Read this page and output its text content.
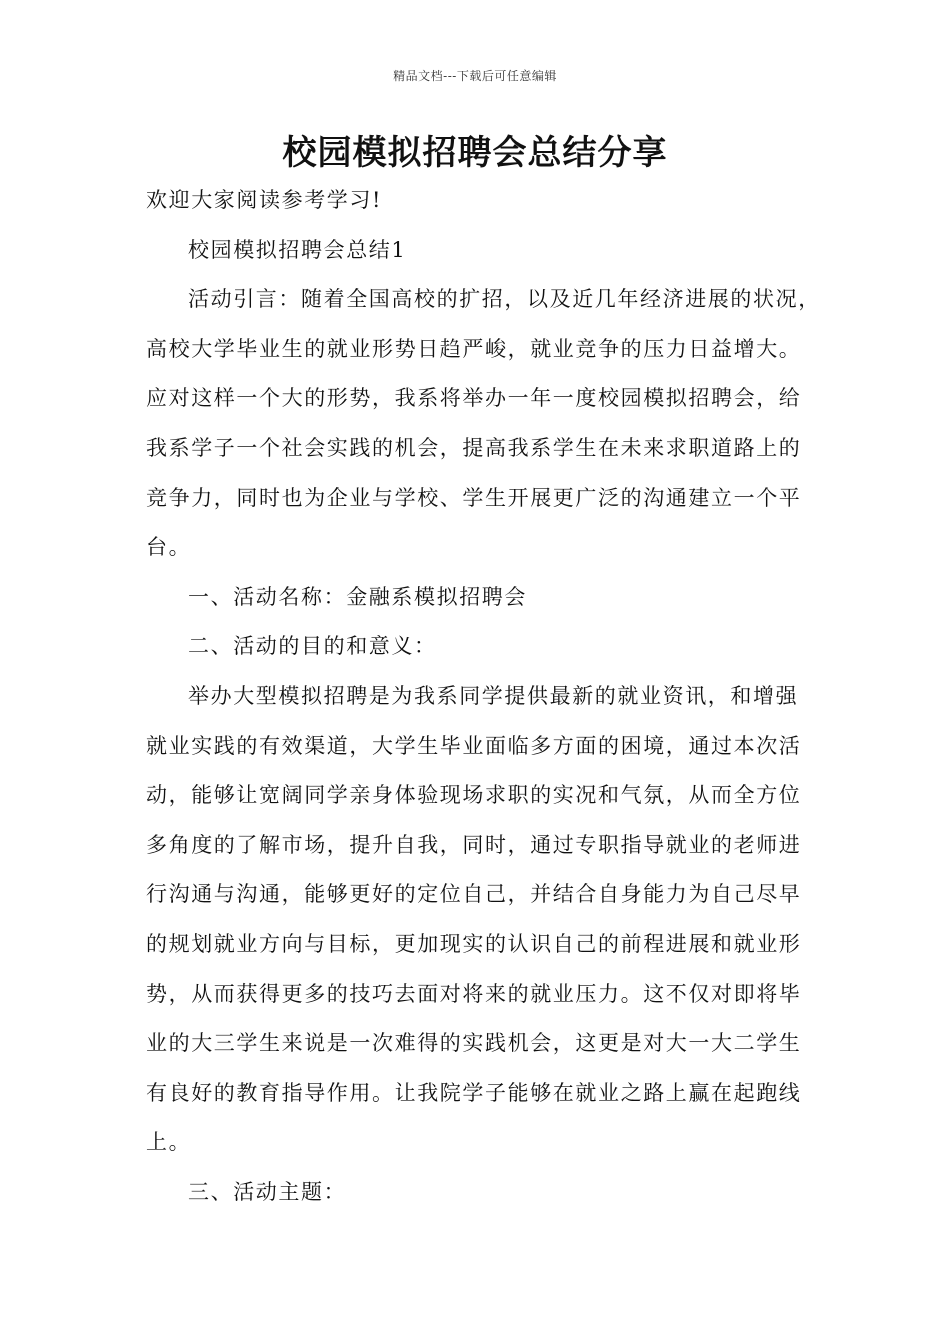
精品文档---下载后可任意编辑
校园模拟招聘会总结分享

欢迎大家阅读参考学习!

校园模拟招聘会总结1

活动引言：随着全国高校的扩招，以及近几年经济进展的状况，

高校大学毕业生的就业形势日趋严峻，就业竞争的压力日益增大。

应对这样一个大的形势，我系将举办一年一度校园模拟招聘会，给

我系学子一个社会实践的机会，提高我系学生在未来求职道路上的

竞争力，同时也为企业与学校、学生开展更广泛的沟通建立一个平

台。

一、活动名称：金融系模拟招聘会

二、活动的目的和意义：

举办大型模拟招聘是为我系同学提供最新的就业资讯，和增强

就业实践的有效渠道，大学生毕业面临多方面的困境，通过本次活

动，能够让宽阔同学亲身体验现场求职的实况和气氛，从而全方位

多角度的了解市场，提升自我，同时，通过专职指导就业的老师进

行沟通与沟通，能够更好的定位自己，并结合自身能力为自己尽早

的规划就业方向与目标，更加现实的认识自己的前程进展和就业形

势，从而获得更多的技巧去面对将来的就业压力。这不仅对即将毕

业的大三学生来说是一次难得的实践机会，这更是对大一大二学生

有良好的教育指导作用。让我院学子能够在就业之路上赢在起跑线

上。

三、活动主题：
